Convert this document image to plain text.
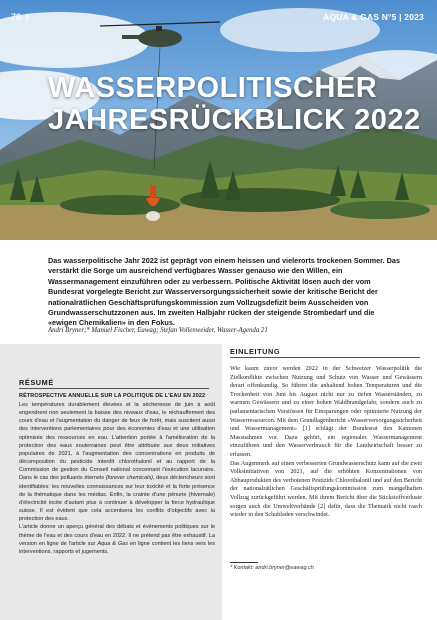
70 |	AQUA & GAS N°5 | 2023
WASSERPOLITISCHER
JAHRESRÜCKBLICK 2022
Das wasserpolitische Jahr 2022 ist geprägt von einem heissen und vielerorts trockenen Sommer. Das verstärkt die Sorge um ausreichend verfügbares Wasser genauso wie den Willen, ein Wassermanagement einzuführen oder zu verbessern. Politische Aktivität lösen auch der vom Bundesrat vorgelegte Bericht zur Wasserversorgungssicherheit sowie der kritische Bericht der nationalrätlichen Geschäftsprüfungskommission zum Vollzugsdefizit beim Ausscheiden von Grundwasserschutzzonen aus. Im zweiten Halbjahr rücken der steigende Strombedarf und die «ewigen Chemikalien» in den Fokus.
Andri Bryner;* Manuel Fischer, Eawag; Stefan Vollenweider, Wasser-Agenda 21
RÉSUMÉ
RÉTROSPECTIVE ANNUELLE SUR LA POLITIQUE DE L'EAU EN 2022

Les températures durablement élevées et la sécheresse de juin à août engendrent non seulement la baisse des niveaux d'eau, le réchauffement des cours d'eau et l'augmentation du danger de feux de forêt, mais suscitent aussi des interventions parlementaires pour des économies d'eau et une utilisation optimisée des ressources en eau. L'attention portée à l'amélioration de la protection des eaux souterraines peut être attribuée aux deux initiatives populaires de 2021, à l'augmentation des concentrations en produits de décomposition du pesticide interdit chlorothalonil et au rapport de la Commission de gestion du Conseil national concernant l'exécution lacunaire. Dans le cas des polluants éternels (forever chemicals), deux déclencheurs sont identifiables: les nouvelles connaissances sur leur toxicité et la forte présence de la thématique dans les médias. Enfin, la crainte d'une pénurie (hivernale) d'électricité incite d'autant plus à continuer à développer la force hydraulique suisse. Il est évident que cela accentuera les conflits d'objectifs avec la protection des eaux.

L'article donne un aperçu général des débats et événements politiques sur le thème de l'eau et des cours d'eau en 2022. Il ne prétend pas être exhaustif. La version en ligne de l'article sur Aqua & Gas en ligne contient les liens vers les interventions, rapports et jugements.

EINLEITUNG

Wie kaum zuvor werden 2022 in der Schweizer Wasserpolitik die Zielkonflikte zwischen Nutzung und Schutz von Wasser und Gewässern derart offenkundig. So führen die anhaltend hohen Temperaturen und die Trockenheit von Juni bis August nicht nur zu tiefen Wasserständen, zu warmen Gewässern und zu einer hohen Waldbrandgefahr, sondern auch zu parlamentarischen Vorstössen für Einsparungen oder optimierte Nutzung der Wasserressourcen. Mit dem Grundlagenbericht «Wasserversorgungssicherheit und Wassermanagement» [1] schlägt der Bundesrat den Kantonen Massnahmen vor. Dazu gehört, ein regionales Wassermanagement einzuführen und den Wasserverbrauch für die Landwirtschaft besser zu erfassen.

Das Augenmerk auf einen verbesserten Grundwasserschutz kann auf die zwei Volksinitiativen von 2021, auf die erhöhten Konzentrationen von Abbauprodukten des verbotenen Pestizids Chlorothalonil und auf den Bericht der nationalrätlichen Geschäftsprüfungskommission zum mangelhaften Vollzug zurückgeführt werden. Mit ihrem Bericht über die Stickstoffverluste sorgen auch die Umweltverbände [2] dafür, dass die Thematik nicht rasch wieder in den Schubladen verschwindet.

* Kontakt: andri.bryner@eawag.ch
